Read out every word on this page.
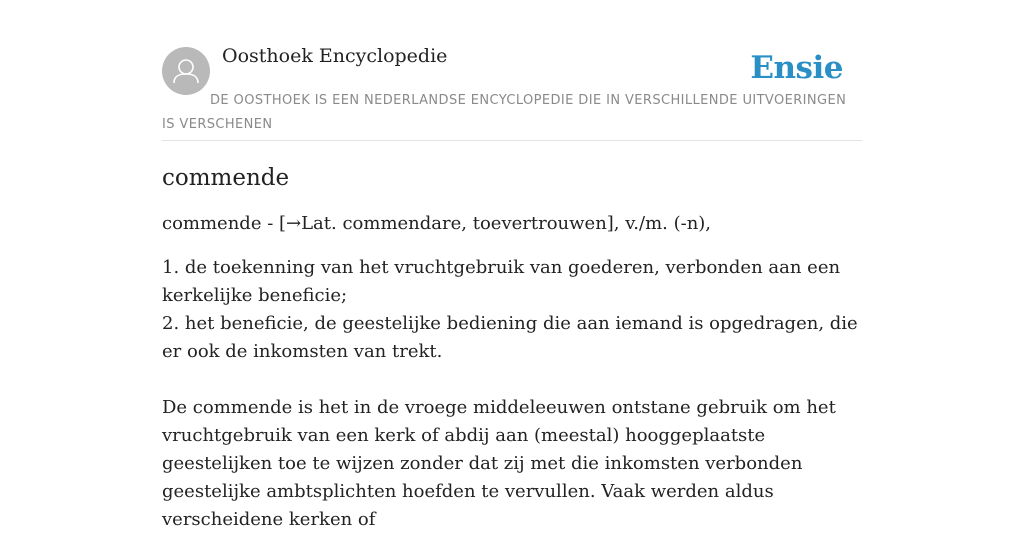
Oosthoek Encyclopedie	Ensie
DE OOSTHOEK IS EEN NEDERLANDSE ENCYCLOPEDIE DIE IN VERSCHILLENDE UITVOERINGEN IS VERSCHENEN
commende
commende - [→Lat. commendare, toevertrouwen], v./m. (-n),

1. de toekenning van het vruchtgebruik van goederen, verbonden aan een kerkelijke beneficie;

2. het beneficie, de geestelijke bediening die aan iemand is opgedragen, die er ook de inkomsten van trekt.

De commende is het in de vroege middeleeuwen ontstane gebruik om het vruchtgebruik van een kerk of abdij aan (meestal) hooggeplaatste geestelijken toe te wijzen zonder dat zij met die inkomsten verbonden geestelijke ambtsplichten hoefden te vervullen. Vaak werden aldus verscheidene kerken of
